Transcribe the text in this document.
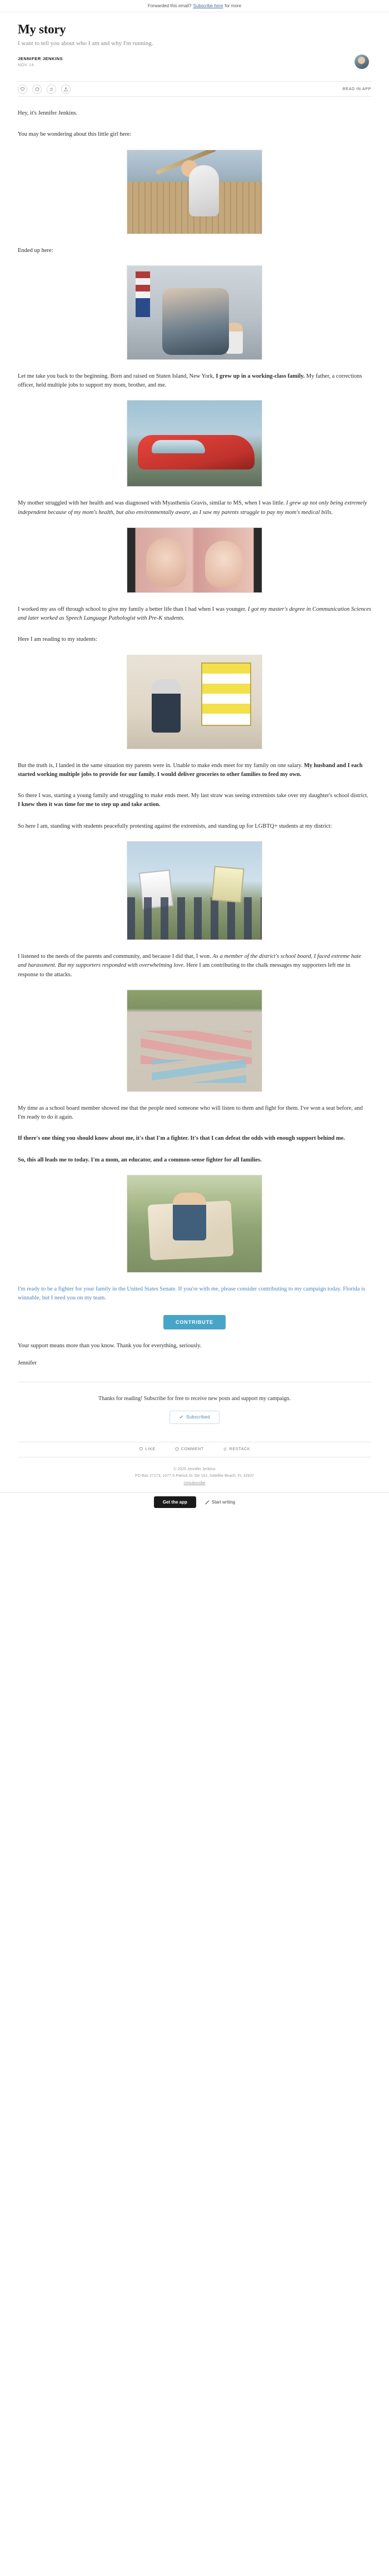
Forwarded this email? Subscribe here for more
My story

I want to tell you about who I am and why I'm running.

JENNIFER JENKINS
NOV 14
READ IN APP

Hey, it's Jennifer Jenkins.

You may be wondering about this little girl here:

Ended up here:

Let me take you back to the beginning. Born and raised on Staten Island, New York, I grew up in a working-class family. My father, a corrections officer, held multiple jobs to support my mom, brother, and me.

My mother struggled with her health and was diagnosed with Myasthenia Gravis, similar to MS, when I was little. I grew up not only being extremely independent because of my mom's health, but also environmentally aware, as I saw my parents struggle to pay my mom's medical bills.

I worked my ass off through school to give my family a better life than I had when I was younger. I got my master's degree in Communication Sciences and later worked as Speech Language Pathologist with Pre-K students.

Here I am reading to my students:

But the truth is, I landed in the same situation my parents were in. Unable to make ends meet for my family on one salary. My husband and I each started working multiple jobs to provide for our family. I would deliver groceries to other families to feed my own.

So there I was, starting a young family and struggling to make ends meet. My last straw was seeing extremists take over my daughter's school district. I knew then it was time for me to step up and take action.

So here I am, standing with students peacefully protesting against the extremists, and standing up for LGBTQ+ students at my district:

I listened to the needs of the parents and community, and because I did that, I won. As a member of the district's school board, I faced extreme hate and harassment. But my supporters responded with overwhelming love. Here I am contributing to the chalk messages my supporters left me in response to the attacks.

My time as a school board member showed me that the people need someone who will listen to them and fight for them. I've won a seat before, and I'm ready to do it again.

If there's one thing you should know about me, it's that I'm a fighter. It's that I can defeat the odds with enough support behind me.

So, this all leads me to today. I'm a mom, an educator, and a common-sense fighter for all families.

I'm ready to be a fighter for your family in the United States Senate. If you're with me, please consider contributing to my campaign today. Florida is winnable, but I need you on my team.

CONTRIBUTE

Your support means more than you know. Thank you for everything, seriously.

Jennifer

Thanks for reading! Subscribe for free to receive new posts and support my campaign.

Subscribed
LIKE	COMMENT	RESTACK
© 2025 Jennifer Jenkins
PO Box 27173, 1077 S Patrick Dr Ste 161, Satellite Beach, FL 32937
Unsubscribe
Get the app	Start writing
